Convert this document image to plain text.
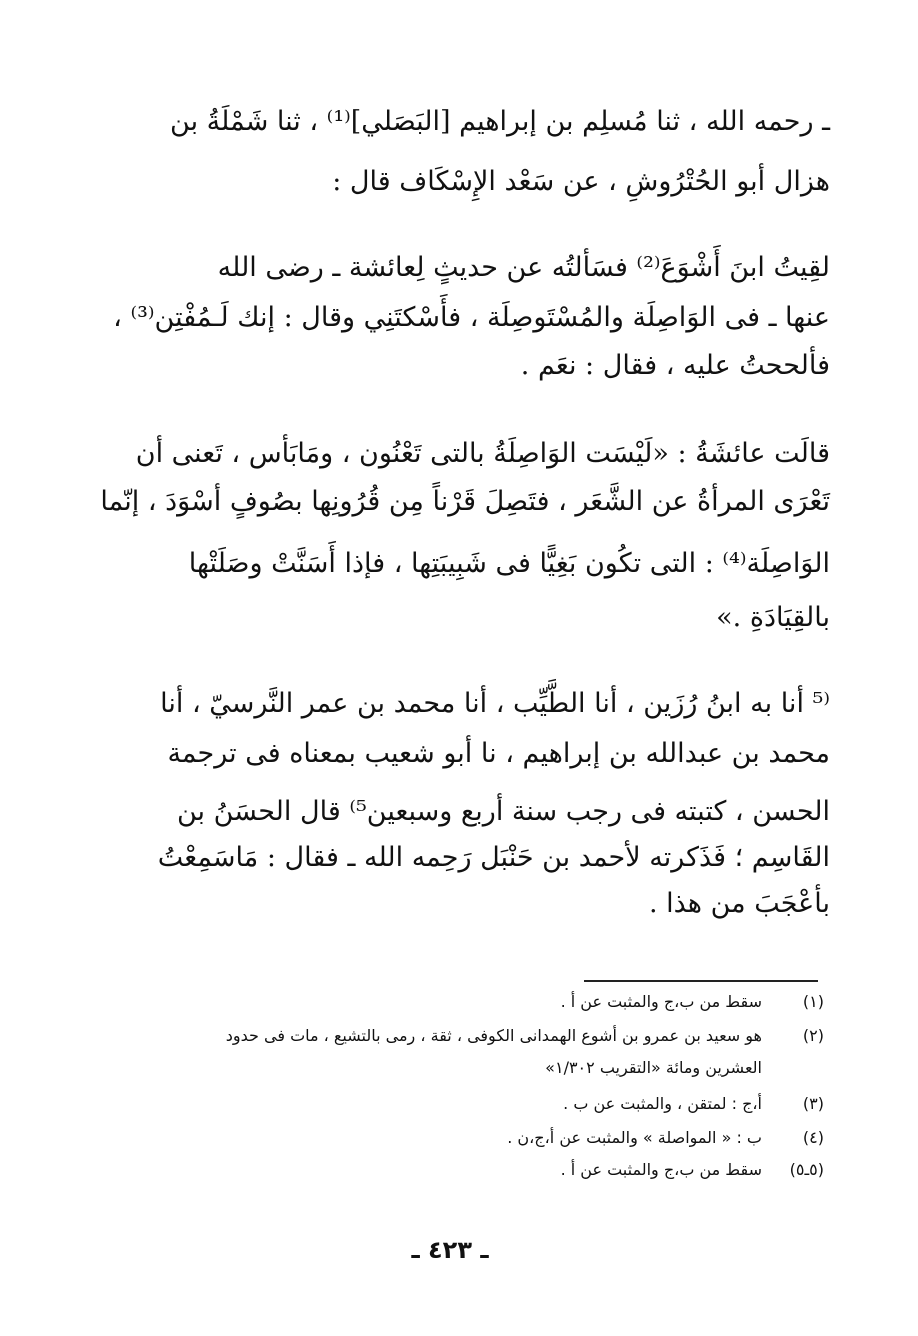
ـ رحمه الله ، ثنا مُسلِم بن إبراهيم [البَصَلي]⁽¹⁾ ، ثنا شَمْلَةُ بن
هزال أبو الحُتْرُوشِ ، عن سَعْد الإِسْكَاف قال :
لقِيتُ ابنَ أَشْوَعَ⁽²⁾ فسَألتُه عن حديثٍ لِعائشة ـ رضى الله
عنها ـ فى الوَاصِلَة والمُسْتَوصِلَة ، فأَسْكتَنِي وقال : إنك لَـمُفْتِن⁽³⁾ ،
فألححتُ عليه ، فقال : نعَم .
قالَت عائشَةُ : «لَيْسَت الوَاصِلَةُ بالتى تَعْنُون ، ومَابَأس ، تَعنى أن
تَعْرَى المرأةُ عن الشَّعَر ، فتَصِلَ قَرْناً مِن قُرُونِها بصُوفٍ أسْوَدَ ، إنّما
الوَاصِلَة⁽⁴⁾ : التى تكُون بَغِيًّا فى شَبِيبَتِها ، فإذا أَسَنَّتْ وصَلَتْها
بالقِيَادَةِ .»
⁽⁵ أنا به ابنُ رُزَين ، أنا الطَّيِّب ، أنا محمد بن عمر النَّرسيّ ، أنا
محمد بن عبدالله بن إبراهيم ، نا أبو شعيب بمعناه فى ترجمة
الحسن ، كتبته فى رجب سنة أربع وسبعين⁵⁾ قال الحسَنُ بن
القَاسِم ؛ فَذَكرته لأحمد بن حَنْبَل رَحِمه الله ـ فقال : مَاسَمِعْتُ
بأعْجَبَ من هذا .
(١)
سقط من ب،ج والمثبت عن أ .
(٢)
هو سعيد بن عمرو بن أشوع الهمدانى الكوفى ، ثقة ، رمى بالتشيع ، مات فى حدود
العشرين ومائة «التقريب ١/٣٠٢»
(٣)
أ،ج : لمتقن ، والمثبت عن ب .
(٤)
ب : « المواصلة » والمثبت عن أ،ج،ن .
(٥ـ٥)
سقط من ب،ج والمثبت عن أ .
ـ ٤٢٣ ـ
